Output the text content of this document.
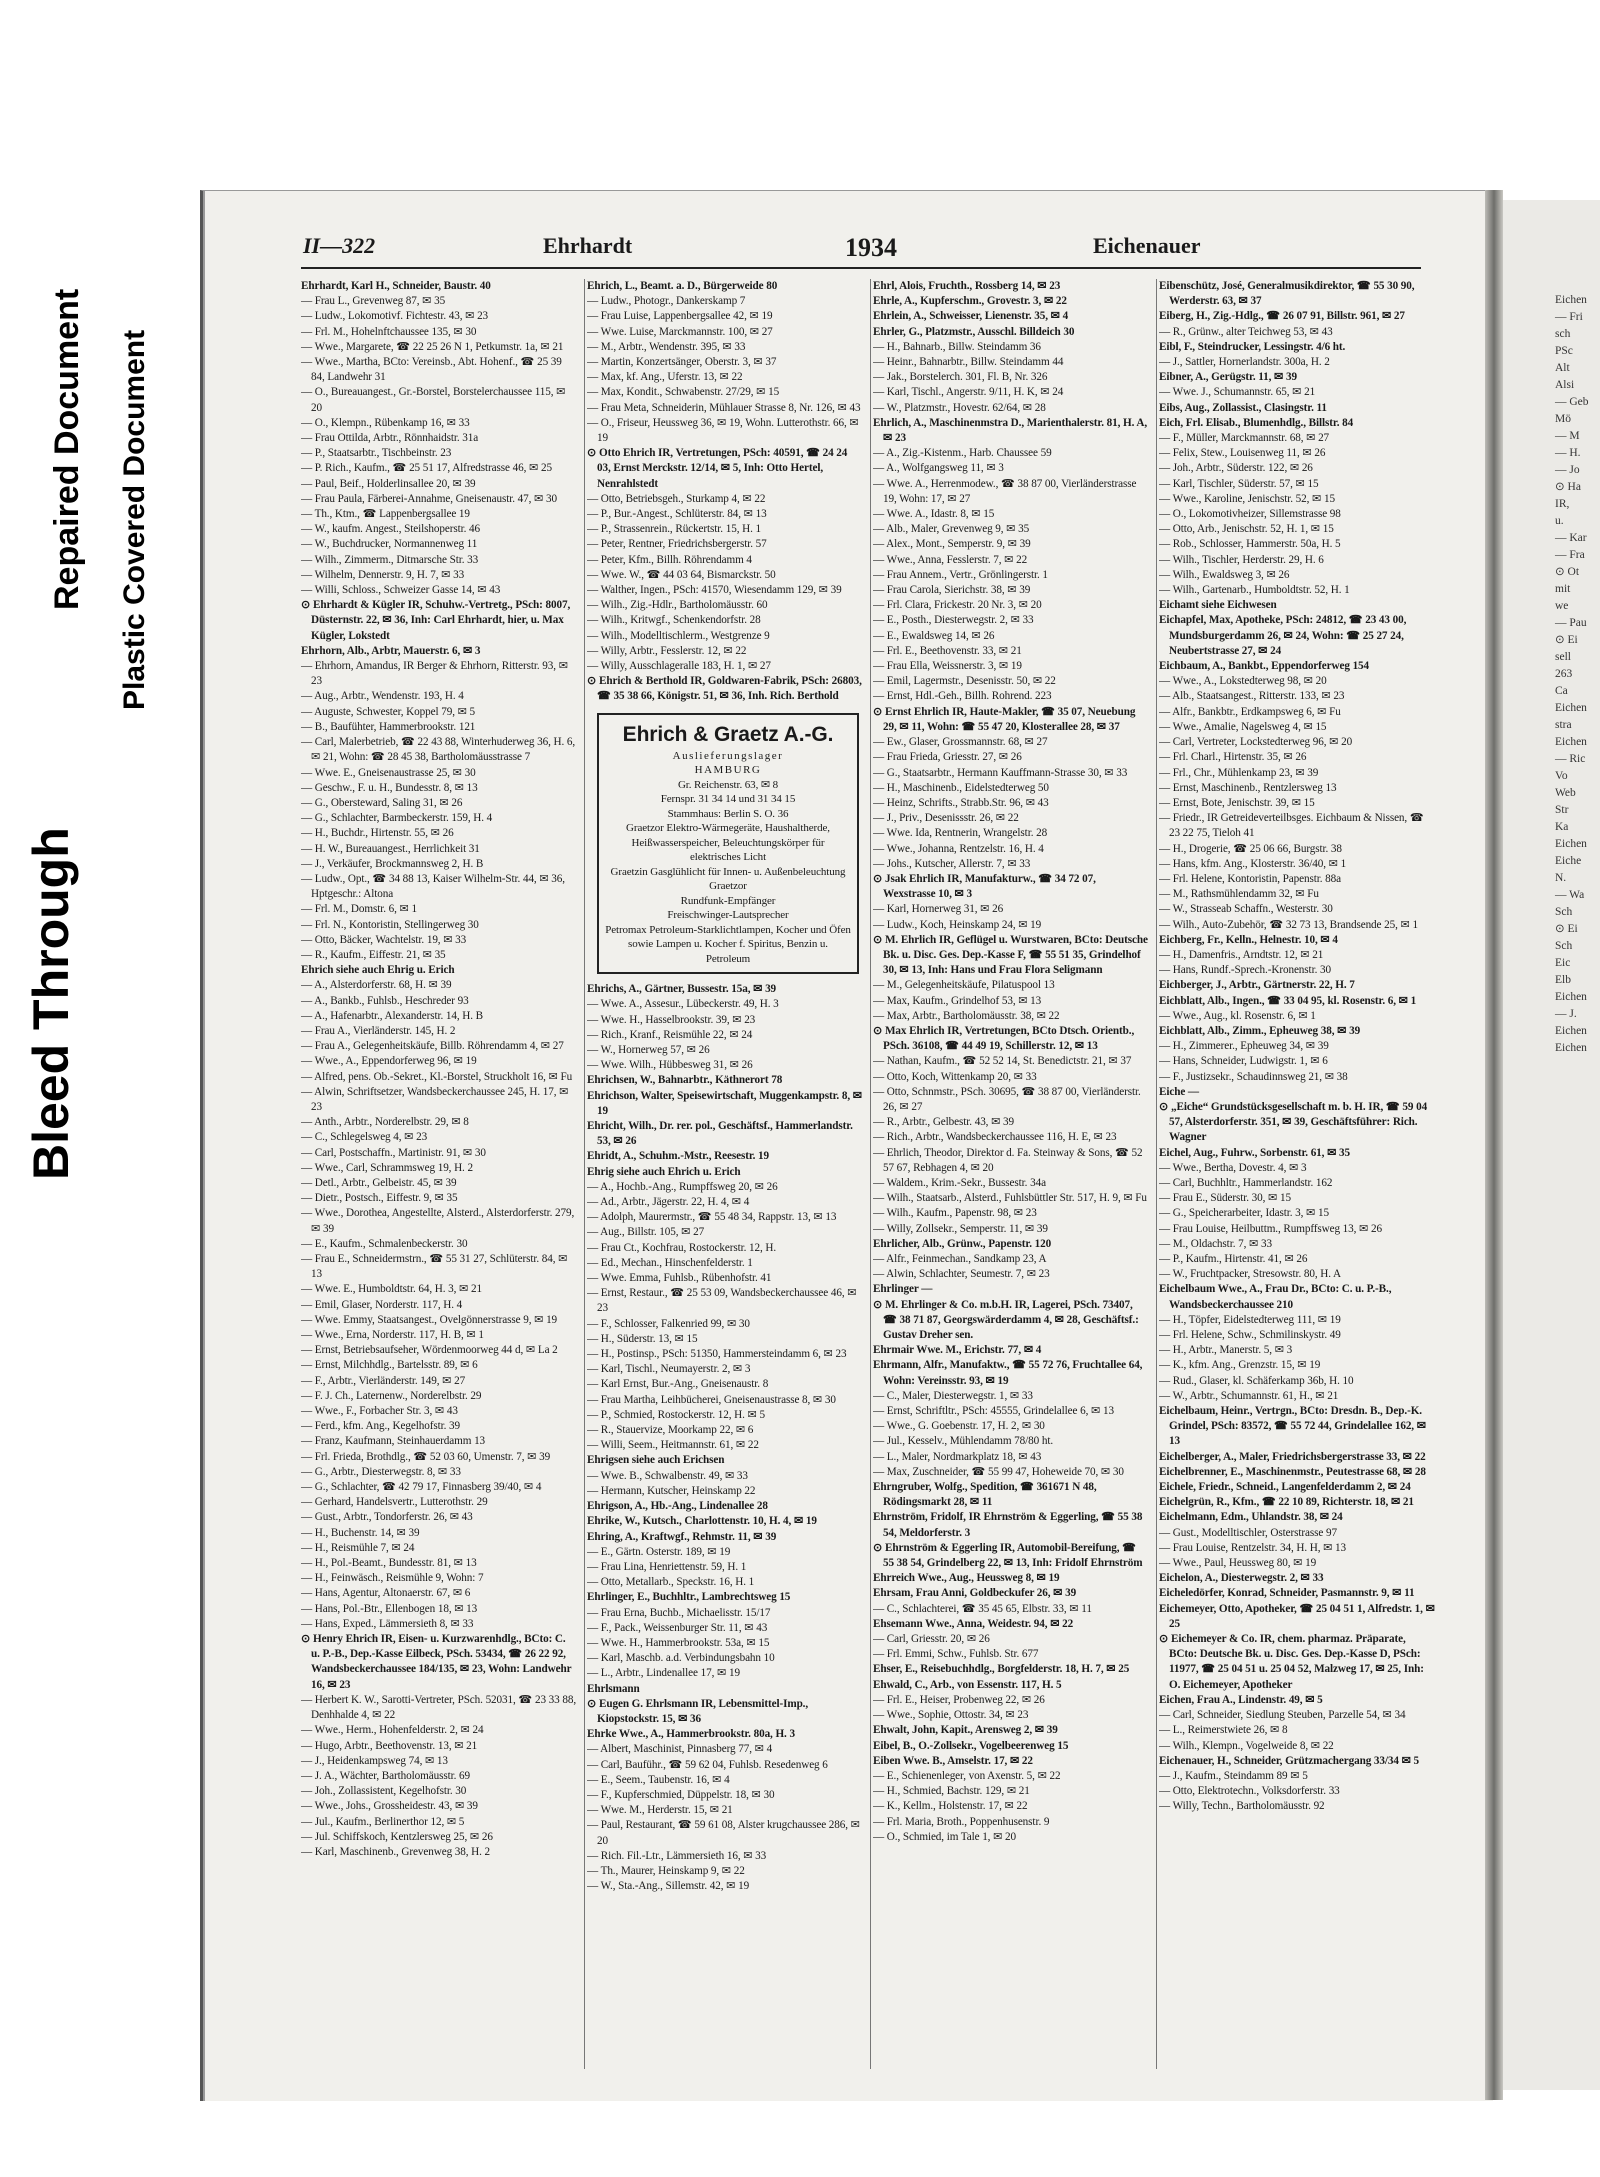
Bleed Through
Repaired Document Plastic Covered Document
II—322	Ehrhardt	1934	Eichenauer

Ehrhardt, Karl H., Schneider, Baustr. 40

— Frau L., Grevenweg 87, ✉ 35

— Ludw., Lokomotivf. Fichtestr. 43, ✉ 23

— Frl. M., Hohelnftchaussee 135, ✉ 30

— Wwe., Margarete, ☎ 22 25 26 N 1, Petkumstr. 1a, ✉ 21

— Wwe., Martha, BCto: Vereinsb., Abt. Hohenf., ☎ 25 39 84, Landwehr 31

— O., Bureauangest., Gr.-Borstel, Borstelerchaussee 115, ✉ 20

— O., Klempn., Rübenkamp 16, ✉ 33

— Frau Ottilda, Arbtr., Rönnhaidstr. 31a

— P., Staatsarbtr., Tischbeinstr. 23

— P. Rich., Kaufm., ☎ 25 51 17, Alfredstrasse 46, ✉ 25

— Paul, Beif., Holderlinsallee 20, ✉ 39

— Frau Paula, Färberei-Annahme, Gneisenaustr. 47, ✉ 30

— Th., Ktm., ☎ Lappenbergsallee 19

— W., kaufm. Angest., Steilshoperstr. 46

— W., Buchdrucker, Normannenweg 11

— Wilh., Zimmerm., Ditmarsche Str. 33

— Wilhelm, Dennerstr. 9, H. 7, ✉ 33

— Willi, Schloss., Schweizer Gasse 14, ✉ 43

⊙ Ehrhardt & Kügler IR, Schuhw.-Vertretg., PSch: 8007, Düsternstr. 22, ✉ 36, Inh: Carl Ehrhardt, hier, u. Max Kügler, Lokstedt

Ehrhorn, Alb., Arbtr, Mauerstr. 6, ✉ 3

— Ehrhorn, Amandus, IR Berger & Ehrhorn, Ritterstr. 93, ✉ 23

— Aug., Arbtr., Wendenstr. 193, H. 4

— Auguste, Schwester, Koppel 79, ✉ 5

— B., Baufühter, Hammerbrookstr. 121

— Carl, Malerbetrieb, ☎ 22 43 88, Winterhuderweg 36, H. 6, ✉ 21, Wohn: ☎ 28 45 38, Bartholomäusstrasse 7

— Wwe. E., Gneisenaustrasse 25, ✉ 30

— Geschw., F. u. H., Bundesstr. 8, ✉ 13

— G., Obersteward, Saling 31, ✉ 26

— G., Schlachter, Barmbeckerstr. 159, H. 4

— H., Buchdr., Hirtenstr. 55, ✉ 26

— H. W., Bureauangest., Herrlichkeit 31

— J., Verkäufer, Brockmannsweg 2, H. B

— Ludw., Opt., ☎ 34 88 13, Kaiser Wilhelm-Str. 44, ✉ 36, Hptgeschr.: Altona

— Frl. M., Domstr. 6, ✉ 1

— Frl. N., Kontoristin, Stellingerweg 30

— Otto, Bäcker, Wachtelstr. 19, ✉ 33

— R., Kaufm., Eiffestr. 21, ✉ 35

Ehrich siehe auch Ehrig u. Erich

— A., Alsterdorferstr. 68, H. ✉ 39

— A., Bankb., Fuhlsb., Heschreder 93

— A., Hafenarbtr., Alexanderstr. 14, H. B

— Frau A., Vierländerstr. 145, H. 2

— Frau A., Gelegenheitskäufe, Billb. Röhrendamm 4, ✉ 27

— Wwe., A., Eppendorferweg 96, ✉ 19

— Alfred, pens. Ob.-Sekret., Kl.-Borstel, Struckholt 16, ✉ Fu

— Alwin, Schriftsetzer, Wandsbeckerchaussee 245, H. 17, ✉ 23

— Anth., Arbtr., Norderelbstr. 29, ✉ 8

— C., Schlegelsweg 4, ✉ 23

— Carl, Postschaffn., Martinistr. 91, ✉ 30

— Wwe., Carl, Schrammsweg 19, H. 2

— Detl., Arbtr., Gelbeistr. 45, ✉ 39

— Dietr., Postsch., Eiffestr. 9, ✉ 35

— Wwe., Dorothea, Angestellte, Alsterd., Alsterdorferstr. 279, ✉ 39

— E., Kaufm., Schmalenbeckerstr. 30

— Frau E., Schneidermstrn., ☎ 55 31 27, Schlüterstr. 84, ✉ 13

— Wwe. E., Humboldtstr. 64, H. 3, ✉ 21

— Emil, Glaser, Norderstr. 117, H. 4

— Wwe. Emmy, Staatsangest., Ovelgönnerstrasse 9, ✉ 19

— Wwe., Erna, Norderstr. 117, H. B, ✉ 1

— Ernst, Betriebsaufseher, Wördenmoorweg 44 d, ✉ La 2

— Ernst, Milchhdlg., Bartelsstr. 89, ✉ 6

— F., Arbtr., Vierländerstr. 149, ✉ 27

— F. J. Ch., Laternenw., Norderelbstr. 29

— Wwe., F., Forbacher Str. 3, ✉ 43

— Ferd., kfm. Ang., Kegelhofstr. 39

— Franz, Kaufmann, Steinhauerdamm 13

— Frl. Frieda, Brothdlg., ☎ 52 03 60, Umenstr. 7, ✉ 39

— G., Arbtr., Diesterwegstr. 8, ✉ 33

— G., Schlachter, ☎ 42 79 17, Finnasberg 39/40, ✉ 4

— Gerhard, Handelsvertr., Lutterothstr. 29

— Gust., Arbtr., Tondorferstr. 26, ✉ 43

— H., Buchenstr. 14, ✉ 39

— H., Reismühle 7, ✉ 24

— H., Pol.-Beamt., Bundesstr. 81, ✉ 13

— H., Feinwäsch., Reismühle 9, Wohn: 7

— Hans, Agentur, Altonaerstr. 67, ✉ 6

— Hans, Pol.-Btr., Ellenbogen 18, ✉ 13

— Hans, Exped., Lämmersieth 8, ✉ 33

⊙ Henry Ehrich IR, Eisen- u. Kurzwarenhdlg., BCto: C. u. P.-B., Dep.-Kasse Eilbeck, PSch. 53434, ☎ 26 22 92, Wandsbeckerchaussee 184/135, ✉ 23, Wohn: Landwehr 16, ✉ 23

— Herbert K. W., Sarotti-Vertreter, PSch. 52031, ☎ 23 33 88, Denhhalde 4, ✉ 22

— Wwe., Herm., Hohenfelderstr. 2, ✉ 24

— Hugo, Arbtr., Beethovenstr. 13, ✉ 21

— J., Heidenkampsweg 74, ✉ 13

— J. A., Wächter, Bartholomäusstr. 69

— Joh., Zollassistent, Kegelhofstr. 30

— Wwe., Johs., Grossheidestr. 43, ✉ 39

— Jul., Kaufm., Berlinerthor 12, ✉ 5

— Jul. Schiffskoch, Kentzlersweg 25, ✉ 26

— Karl, Maschinenb., Grevenweg 38, H. 2

Ehrich, L., Beamt. a. D., Bürgerweide 80

— Ludw., Photogr., Dankerskamp 7

— Frau Luise, Lappenbergsallee 42, ✉ 19

— Wwe. Luise, Marckmannstr. 100, ✉ 27

— M., Arbtr., Wendenstr. 395, ✉ 33

— Martin, Konzertsänger, Oberstr. 3, ✉ 37

— Max, kf. Ang., Uferstr. 13, ✉ 22

— Max, Kondit., Schwabenstr. 27/29, ✉ 15

— Frau Meta, Schneiderin, Mühlauer Strasse 8, Nr. 126, ✉ 43

— O., Friseur, Heussweg 36, ✉ 19, Wohn. Lutterothstr. 66, ✉ 19

⊙ Otto Ehrich IR, Vertretungen, PSch: 40591, ☎ 24 24 03, Ernst Merckstr. 12/14, ✉ 5, Inh: Otto Hertel, Nenrahlstedt

— Otto, Betriebsgeh., Sturkamp 4, ✉ 22

— P., Bur.-Angest., Schlüterstr. 84, ✉ 13

— P., Strassenrein., Rückertstr. 15, H. 1

— Peter, Rentner, Friedrichsbergerstr. 57

— Peter, Kfm., Billh. Röhrendamm 4

— Wwe. W., ☎ 44 03 64, Bismarckstr. 50

— Walther, Ingen., PSch: 41570, Wiesendamm 129, ✉ 39

— Wilh., Zig.-Hdlr., Bartholomäusstr. 60

— Wilh., Kritwgf., Schenkendorfstr. 28

— Wilh., Modelltischlerm., Westgrenze 9

— Willy, Arbtr., Fesslerstr. 12, ✉ 22

— Willy, Ausschlageralle 183, H. 1, ✉ 27

⊙ Ehrich & Berthold IR, Goldwaren-Fabrik, PSch: 26803, ☎ 35 38 66, Königstr. 51, ✉ 36, Inh. Rich. Berthold

Ehrich & Graetz A.-G.
Auslieferungslager
HAMBURG
Gr. Reichenstr. 63, ✉ 8
Fernspr. 31 34 14 und 31 34 15
Stammhaus: Berlin S. O. 36
Graetzor Elektro-Wärmegeräte, Haushaltherde, Heißwasserspeicher, Beleuchtungskörper für elektrisches Licht
Graetzin Gasglühlicht für Innen- u. Außenbeleuchtung
Graetzor
Rundfunk-Empfänger
Freischwinger-Lautsprecher
Petromax Petroleum-Starklichtlampen, Kocher und Öfen sowie Lampen u. Kocher f. Spiritus, Benzin u. Petroleum

Ehrichs, A., Gärtner, Bussestr. 15a, ✉ 39

— Wwe. A., Assesur., Lübeckerstr. 49, H. 3

— Wwe. H., Hasselbrookstr. 39, ✉ 23

— Rich., Kranf., Reismühle 22, ✉ 24

— W., Hornerweg 57, ✉ 26

— Wwe. Wilh., Hübbesweg 31, ✉ 26

Ehrichsen, W., Bahnarbtr., Käthnerort 78

Ehrichson, Walter, Speisewirtschaft, Muggenkampstr. 8, ✉ 19

Ehricht, Wilh., Dr. rer. pol., Geschäftsf., Hammerlandstr. 53, ✉ 26

Ehridt, A., Schuhm.-Mstr., Reesestr. 19

Ehrig siehe auch Ehrich u. Erich

— A., Hochb.-Ang., Rumpffsweg 20, ✉ 26

— Ad., Arbtr., Jägerstr. 22, H. 4, ✉ 4

— Adolph, Maurermstr., ☎ 55 48 34, Rappstr. 13, ✉ 13

— Aug., Billstr. 105, ✉ 27

— Frau Ct., Kochfrau, Rostockerstr. 12, H.

— Ed., Mechan., Hinschenfelderstr. 1

— Wwe. Emma, Fuhlsb., Rübenhofstr. 41

— Ernst, Restaur., ☎ 25 53 09, Wandsbeckerchaussee 46, ✉ 23

— F., Schlosser, Falkenried 99, ✉ 30

— H., Süderstr. 13, ✉ 15

— H., Postinsp., PSch: 51350, Hammersteindamm 6, ✉ 23

— Karl, Tischl., Neumayerstr. 2, ✉ 3

— Karl Ernst, Bur.-Ang., Gneisenaustr. 8

— Frau Martha, Leihbücherei, Gneisenaustrasse 8, ✉ 30

— P., Schmied, Rostockerstr. 12, H. ✉ 5

— R., Stauervize, Moorkamp 22, ✉ 6

— Willi, Seem., Heitmannstr. 61, ✉ 22

Ehrigsen siehe auch Erichsen

— Wwe. B., Schwalbenstr. 49, ✉ 33

— Hermann, Kutscher, Heinskamp 22

Ehrigson, A., Hb.-Ang., Lindenallee 28

Ehrike, W., Kutsch., Charlottenstr. 10, H. 4, ✉ 19

Ehring, A., Kraftwgf., Rehmstr. 11, ✉ 39

— E., Gärtn. Osterstr. 189, ✉ 19

— Frau Lina, Henriettenstr. 59, H. 1

— Otto, Metallarb., Speckstr. 16, H. 1

Ehrlinger, E., Buchhltr., Lambrechtsweg 15

— Frau Erna, Buchb., Michaelisstr. 15/17

— F., Pack., Weissenburger Str. 11, ✉ 43

— Wwe. H., Hammerbrookstr. 53a, ✉ 15

— Karl, Maschb. a.d. Verbindungsbahn 10

— L., Arbtr., Lindenallee 17, ✉ 19

Ehrlsmann

⊙ Eugen G. Ehrlsmann IR, Lebensmittel-Imp., Kiopstockstr. 15, ✉ 36

Ehrke Wwe., A., Hammerbrookstr. 80a, H. 3

— Albert, Maschinist, Pinnasberg 77, ✉ 4

— Carl, Bauführ., ☎ 59 62 04, Fuhlsb. Resedenweg 6

— E., Seem., Taubenstr. 16, ✉ 4

— F., Kupferschmied, Düppelstr. 18, ✉ 30

— Wwe. M., Herderstr. 15, ✉ 21

— Paul, Restaurant, ☎ 59 61 08, Alster krugchaussee 286, ✉ 20

— Rich. Fil.-Ltr., Lämmersieth 16, ✉ 33

— Th., Maurer, Heinskamp 9, ✉ 22

— W., Sta.-Ang., Sillemstr. 42, ✉ 19

Ehrl, Alois, Fruchth., Rossberg 14, ✉ 23

Ehrle, A., Kupferschm., Grovestr. 3, ✉ 22

Ehrlein, A., Schweisser, Lienenstr. 35, ✉ 4

Ehrler, G., Platzmstr., Ausschl. Billdeich 30

— H., Bahnarb., Billw. Steindamm 36

— Heinr., Bahnarbtr., Billw. Steindamm 44

— Jak., Borstelerch. 301, Fl. B, Nr. 326

— Karl, Tischl., Angerstr. 9/11, H. K, ✉ 24

— W., Platzmstr., Hovestr. 62/64, ✉ 28

Ehrlich, A., Maschinenmstra D., Marienthalerstr. 81, H. A, ✉ 23

— A., Zig.-Kistenm., Harb. Chaussee 59

— A., Wolfgangsweg 11, ✉ 3

— Wwe. A., Herrenmodew., ☎ 38 87 00, Vierländerstrasse 19, Wohn: 17, ✉ 27

— Wwe. A., Idastr. 8, ✉ 15

— Alb., Maler, Grevenweg 9, ✉ 35

— Alex., Mont., Semperstr. 9, ✉ 39

— Wwe., Anna, Fesslerstr. 7, ✉ 22

— Frau Annem., Vertr., Grönlingerstr. 1

— Frau Carola, Sierichstr. 38, ✉ 39

— Frl. Clara, Frickestr. 20 Nr. 3, ✉ 20

— E., Posth., Diesterwegstr. 2, ✉ 33

— E., Ewaldsweg 14, ✉ 26

— Frl. E., Beethovenstr. 33, ✉ 21

— Frau Ella, Weissnerstr. 3, ✉ 19

— Emil, Lagermstr., Desenisstr. 50, ✉ 22

— Ernst, Hdl.-Geh., Billh. Rohrend. 223

⊙ Ernst Ehrlich IR, Haute-Makler, ☎ 35 07, Neuebung 29, ✉ 11, Wohn: ☎ 55 47 20, Klosterallee 28, ✉ 37

— Ew., Glaser, Grossmannstr. 68, ✉ 27

— Frau Frieda, Griesstr. 27, ✉ 26

— G., Staatsarbtr., Hermann Kauffmann-Strasse 30, ✉ 33

— H., Maschinenb., Eidelstedterweg 50

— Heinz, Schrifts., Strabb.Str. 96, ✉ 43

— J., Priv., Desenissstr. 26, ✉ 22

— Wwe. Ida, Rentnerin, Wrangelstr. 28

— Wwe., Johanna, Rentzelstr. 16, H. 4

— Johs., Kutscher, Allerstr. 7, ✉ 33

⊙ Jsak Ehrlich IR, Manufakturw., ☎ 34 72 07, Wexstrasse 10, ✉ 3

— Karl, Hornerweg 31, ✉ 26

— Ludw., Koch, Heinskamp 24, ✉ 19

⊙ M. Ehrlich IR, Geflügel u. Wurstwaren, BCto: Deutsche Bk. u. Disc. Ges. Dep.-Kasse F, ☎ 55 51 35, Grindelhof 30, ✉ 13, Inh: Hans und Frau Flora Seligmann

— M., Gelegenheitskäufe, Pilatuspool 13

— Max, Kaufm., Grindelhof 53, ✉ 13

— Max, Arbtr., Bartholomäusstr. 38, ✉ 22

⊙ Max Ehrlich IR, Vertretungen, BCto Dtsch. Orientb., PSch. 36108, ☎ 44 49 19, Schillerstr. 12, ✉ 13

— Nathan, Kaufm., ☎ 52 52 14, St. Benedictstr. 21, ✉ 37

— Otto, Koch, Wittenkamp 20, ✉ 33

— Otto, Schnmstr., PSch. 30695, ☎ 38 87 00, Vierländerstr. 26, ✉ 27

— R., Arbtr., Gelbestr. 43, ✉ 39

— Rich., Arbtr., Wandsbeckerchaussee 116, H. E, ✉ 23

— Ehrlich, Theodor, Direktor d. Fa. Steinway & Sons, ☎ 52 57 67, Rebhagen 4, ✉ 20

— Waldem., Krim.-Sekr., Bussestr. 34a

— Wilh., Staatsarb., Alsterd., Fuhlsbüttler Str. 517, H. 9, ✉ Fu

— Wilh., Kaufm., Papenstr. 98, ✉ 23

— Willy, Zollsekr., Semperstr. 11, ✉ 39

Ehrlicher, Alb., Grünw., Papenstr. 120

— Alfr., Feinmechan., Sandkamp 23, A

— Alwin, Schlachter, Seumestr. 7, ✉ 23

Ehrlinger —

⊙ M. Ehrlinger & Co. m.b.H. IR, Lagerei, PSch. 73407, ☎ 38 71 87, Georgswärderdamm 4, ✉ 28, Geschäftsf.: Gustav Dreher sen.

Ehrmair Wwe. M., Erichstr. 77, ✉ 4

Ehrmann, Alfr., Manufaktw., ☎ 55 72 76, Fruchtallee 64, Wohn: Vereinsstr. 93, ✉ 19

— C., Maler, Diesterwegstr. 1, ✉ 33

— Ernst, Schriftltr., PSch: 45555, Grindelallee 6, ✉ 13

— Wwe., G. Goebenstr. 17, H. 2, ✉ 30

— Jul., Kesselv., Mühlendamm 78/80 ht.

— L., Maler, Nordmarkplatz 18, ✉ 43

— Max, Zuschneider, ☎ 55 99 47, Hoheweide 70, ✉ 30

Ehrngruber, Wolfg., Spedition, ☎ 361671 N 48, Rödingsmarkt 28, ✉ 11

Ehrnström, Fridolf, IR Ehrnström & Eggerling, ☎ 55 38 54, Meldorferstr. 3

⊙ Ehrnström & Eggerling IR, Automobil-Bereifung, ☎ 55 38 54, Grindelberg 22, ✉ 13, Inh: Fridolf Ehrnström

Ehrreich Wwe., Aug., Heussweg 8, ✉ 19

Ehrsam, Frau Anni, Goldbeckufer 26, ✉ 39

— C., Schlachterei, ☎ 35 45 65, Elbstr. 33, ✉ 11

Ehsemann Wwe., Anna, Weidestr. 94, ✉ 22

— Carl, Griesstr. 20, ✉ 26

— Frl. Emmi, Schw., Fuhlsb. Str. 677

Ehser, E., Reisebuchhdlg., Borgfelderstr. 18, H. 7, ✉ 25

Ehwald, C., Arb., von Essenstr. 117, H. 5

— Frl. E., Heiser, Probenweg 22, ✉ 26

— Wwe., Sophie, Ottostr. 34, ✉ 23

Ehwalt, John, Kapit., Arensweg 2, ✉ 39

Eibel, B., O.-Zollsekr., Vogelbeerenweg 15

Eiben Wwe. B., Amselstr. 17, ✉ 22

— E., Schienenleger, von Axenstr. 5, ✉ 22

— H., Schmied, Bachstr. 129, ✉ 21

— K., Kellm., Holstenstr. 17, ✉ 22

— Frl. Maria, Broth., Poppenhusenstr. 9

— O., Schmied, im Tale 1, ✉ 20

Eibenschütz, José, Generalmusikdirektor, ☎ 55 30 90, Werderstr. 63, ✉ 37

Eiberg, H., Zig.-Hdlg., ☎ 26 07 91, Billstr. 961, ✉ 27

— R., Grünw., alter Teichweg 53, ✉ 43

Eibl, F., Steindrucker, Lessingstr. 4/6 ht.

— J., Sattler, Hornerlandstr. 300a, H. 2

Eibner, A., Gerügstr. 11, ✉ 39

— Wwe. J., Schumannstr. 65, ✉ 21

Eibs, Aug., Zollassist., Clasingstr. 11

Eich, Frl. Elisab., Blumenhdlg., Billstr. 84

— F., Müller, Marckmannstr. 68, ✉ 27

— Felix, Stew., Louisenweg 11, ✉ 26

— Joh., Arbtr., Süderstr. 122, ✉ 26

— Karl, Tischler, Süderstr. 57, ✉ 15

— Wwe., Karoline, Jenischstr. 52, ✉ 15

— O., Lokomotivheizer, Sillemstrasse 98

— Otto, Arb., Jenischstr. 52, H. 1, ✉ 15

— Rob., Schlosser, Hammerstr. 50a, H. 5

— Wilh., Tischler, Herderstr. 29, H. 6

— Wilh., Ewaldsweg 3, ✉ 26

— Wilh., Gartenarb., Humboldtstr. 52, H. 1

Eichamt siehe Eichwesen

Eichapfel, Max, Apotheke, PSch: 24812, ☎ 23 43 00, Mundsburgerdamm 26, ✉ 24, Wohn: ☎ 25 27 24, Neubertstrasse 27, ✉ 24

Eichbaum, A., Bankbt., Eppendorferweg 154

— Wwe., A., Lokstedterweg 98, ✉ 20

— Alb., Staatsangest., Ritterstr. 133, ✉ 23

— Alfr., Bankbtr., Erdkampsweg 6, ✉ Fu

— Wwe., Amalie, Nagelsweg 4, ✉ 15

— Carl, Vertreter, Lockstedterweg 96, ✉ 20

— Frl. Charl., Hirtenstr. 35, ✉ 26

— Frl., Chr., Mühlenkamp 23, ✉ 39

— Ernst, Maschinenb., Rentzlersweg 13

— Ernst, Bote, Jenischstr. 39, ✉ 15

— Friedr., IR Getreideverteilbsges. Eichbaum & Nissen, ☎ 23 22 75, Tieloh 41

— H., Drogerie, ☎ 25 06 66, Burgstr. 38

— Hans, kfm. Ang., Klosterstr. 36/40, ✉ 1

— Frl. Helene, Kontoristin, Papenstr. 88a

— M., Rathsmühlendamm 32, ✉ Fu

— W., Strasseab Schaffn., Westerstr. 30

— Wilh., Auto-Zubehör, ☎ 32 73 13, Brandsende 25, ✉ 1

Eichberg, Fr., Kelln., Helnestr. 10, ✉ 4

— H., Damenfris., Arndtstr. 12, ✉ 21

— Hans, Rundf.-Sprech.-Kronenstr. 30

Eichberger, J., Arbtr., Gärtnerstr. 22, H. 7

Eichblatt, Alb., Ingen., ☎ 33 04 95, kl. Rosenstr. 6, ✉ 1

— Wwe., Aug., kl. Rosenstr. 6, ✉ 1

Eichblatt, Alb., Zimm., Epheuweg 38, ✉ 39

— H., Zimmerer., Epheuweg 34, ✉ 39

— Hans, Schneider, Ludwigstr. 1, ✉ 6

— F., Justizsekr., Schaudinnsweg 21, ✉ 38

Eiche —

⊙ „Eiche“ Grundstücksgesellschaft m. b. H. IR, ☎ 59 04 57, Alsterdorferstr. 351, ✉ 39, Geschäftsführer: Rich. Wagner

Eichel, Aug., Fuhrw., Sorbenstr. 61, ✉ 35

— Wwe., Bertha, Dovestr. 4, ✉ 3

— Carl, Buchhltr., Hammerlandstr. 162

— Frau E., Süderstr. 30, ✉ 15

— G., Speicherarbeiter, Idastr. 3, ✉ 15

— Frau Louise, Heilbuttm., Rumpffsweg 13, ✉ 26

— M., Oldachstr. 7, ✉ 33

— P., Kaufm., Hirtenstr. 41, ✉ 26

— W., Fruchtpacker, Stresowstr. 80, H. A

Eichelbaum Wwe., A., Frau Dr., BCto: C. u. P.-B., Wandsbeckerchaussee 210

— H., Töpfer, Eidelstedterweg 111, ✉ 19

— Frl. Helene, Schw., Schmilinskystr. 49

— H., Arbtr., Manerstr. 5, ✉ 3

— K., kfm. Ang., Grenzstr. 15, ✉ 19

— Rud., Glaser, kl. Schäferkamp 36b, H. 10

— W., Arbtr., Schumannstr. 61, H., ✉ 21

Eichelbaum, Heinr., Vertrgn., BCto: Dresdn. B., Dep.-K. Grindel, PSch: 83572, ☎ 55 72 44, Grindelallee 162, ✉ 13

Eichelberger, A., Maler, Friedrichsbergerstrasse 33, ✉ 22

Eichelbrenner, E., Maschinenmstr., Peutestrasse 68, ✉ 28

Eichele, Friedr., Schneid., Langenfelderdamm 2, ✉ 24

Eichelgrün, R., Kfm., ☎ 22 10 89, Richterstr. 18, ✉ 21

Eichelmann, Edm., Uhlandstr. 38, ✉ 24

— Gust., Modelltischler, Osterstrasse 97

— Frau Louise, Rentzelstr. 34, H. H, ✉ 13

— Wwe., Paul, Heussweg 80, ✉ 19

Eichelon, A., Diesterwegstr. 2, ✉ 33

Eicheledörfer, Konrad, Schneider, Pasmannstr. 9, ✉ 11

Eichemeyer, Otto, Apotheker, ☎ 25 04 51 1, Alfredstr. 1, ✉ 25

⊙ Eichemeyer & Co. IR, chem. pharmaz. Präparate, BCto: Deutsche Bk. u. Disc. Ges. Dep.-Kasse D, PSch: 11977, ☎ 25 04 51 u. 25 04 52, Malzweg 17, ✉ 25, Inh: O. Eichemeyer, Apotheker

Eichen, Frau A., Lindenstr. 49, ✉ 5

— Carl, Schneider, Siedlung Steuben, Parzelle 54, ✉ 34

— L., Reimerstwiete 26, ✉ 8

— Wilh., Klempn., Vogelweide 8, ✉ 22

Eichenauer, H., Schneider, Grützmachergang 33/34 ✉ 5

— J., Kaufm., Steindamm 89 ✉ 5

— Otto, Elektrotechn., Volksdorferstr. 33

— Willy, Techn., Bartholomäusstr. 92

Eichen
— Fri
sch
PSc
Alt
Alsi
— Geb
Mö
— M
— H.
— Jo
⊙ Ha
IR,
u.
— Kar
— Fra
⊙ Ot
mit
we
— Pau
⊙ Ei
sell
263
Ca
Eichen
stra
Eichen
— Ric
Vo
Web
Str
Ka
Eichen
Eiche
N.
— Wa
Sch
⊙ Ei
Sch
Eic
Elb
Eichen
— J.
Eichen
Eichen
